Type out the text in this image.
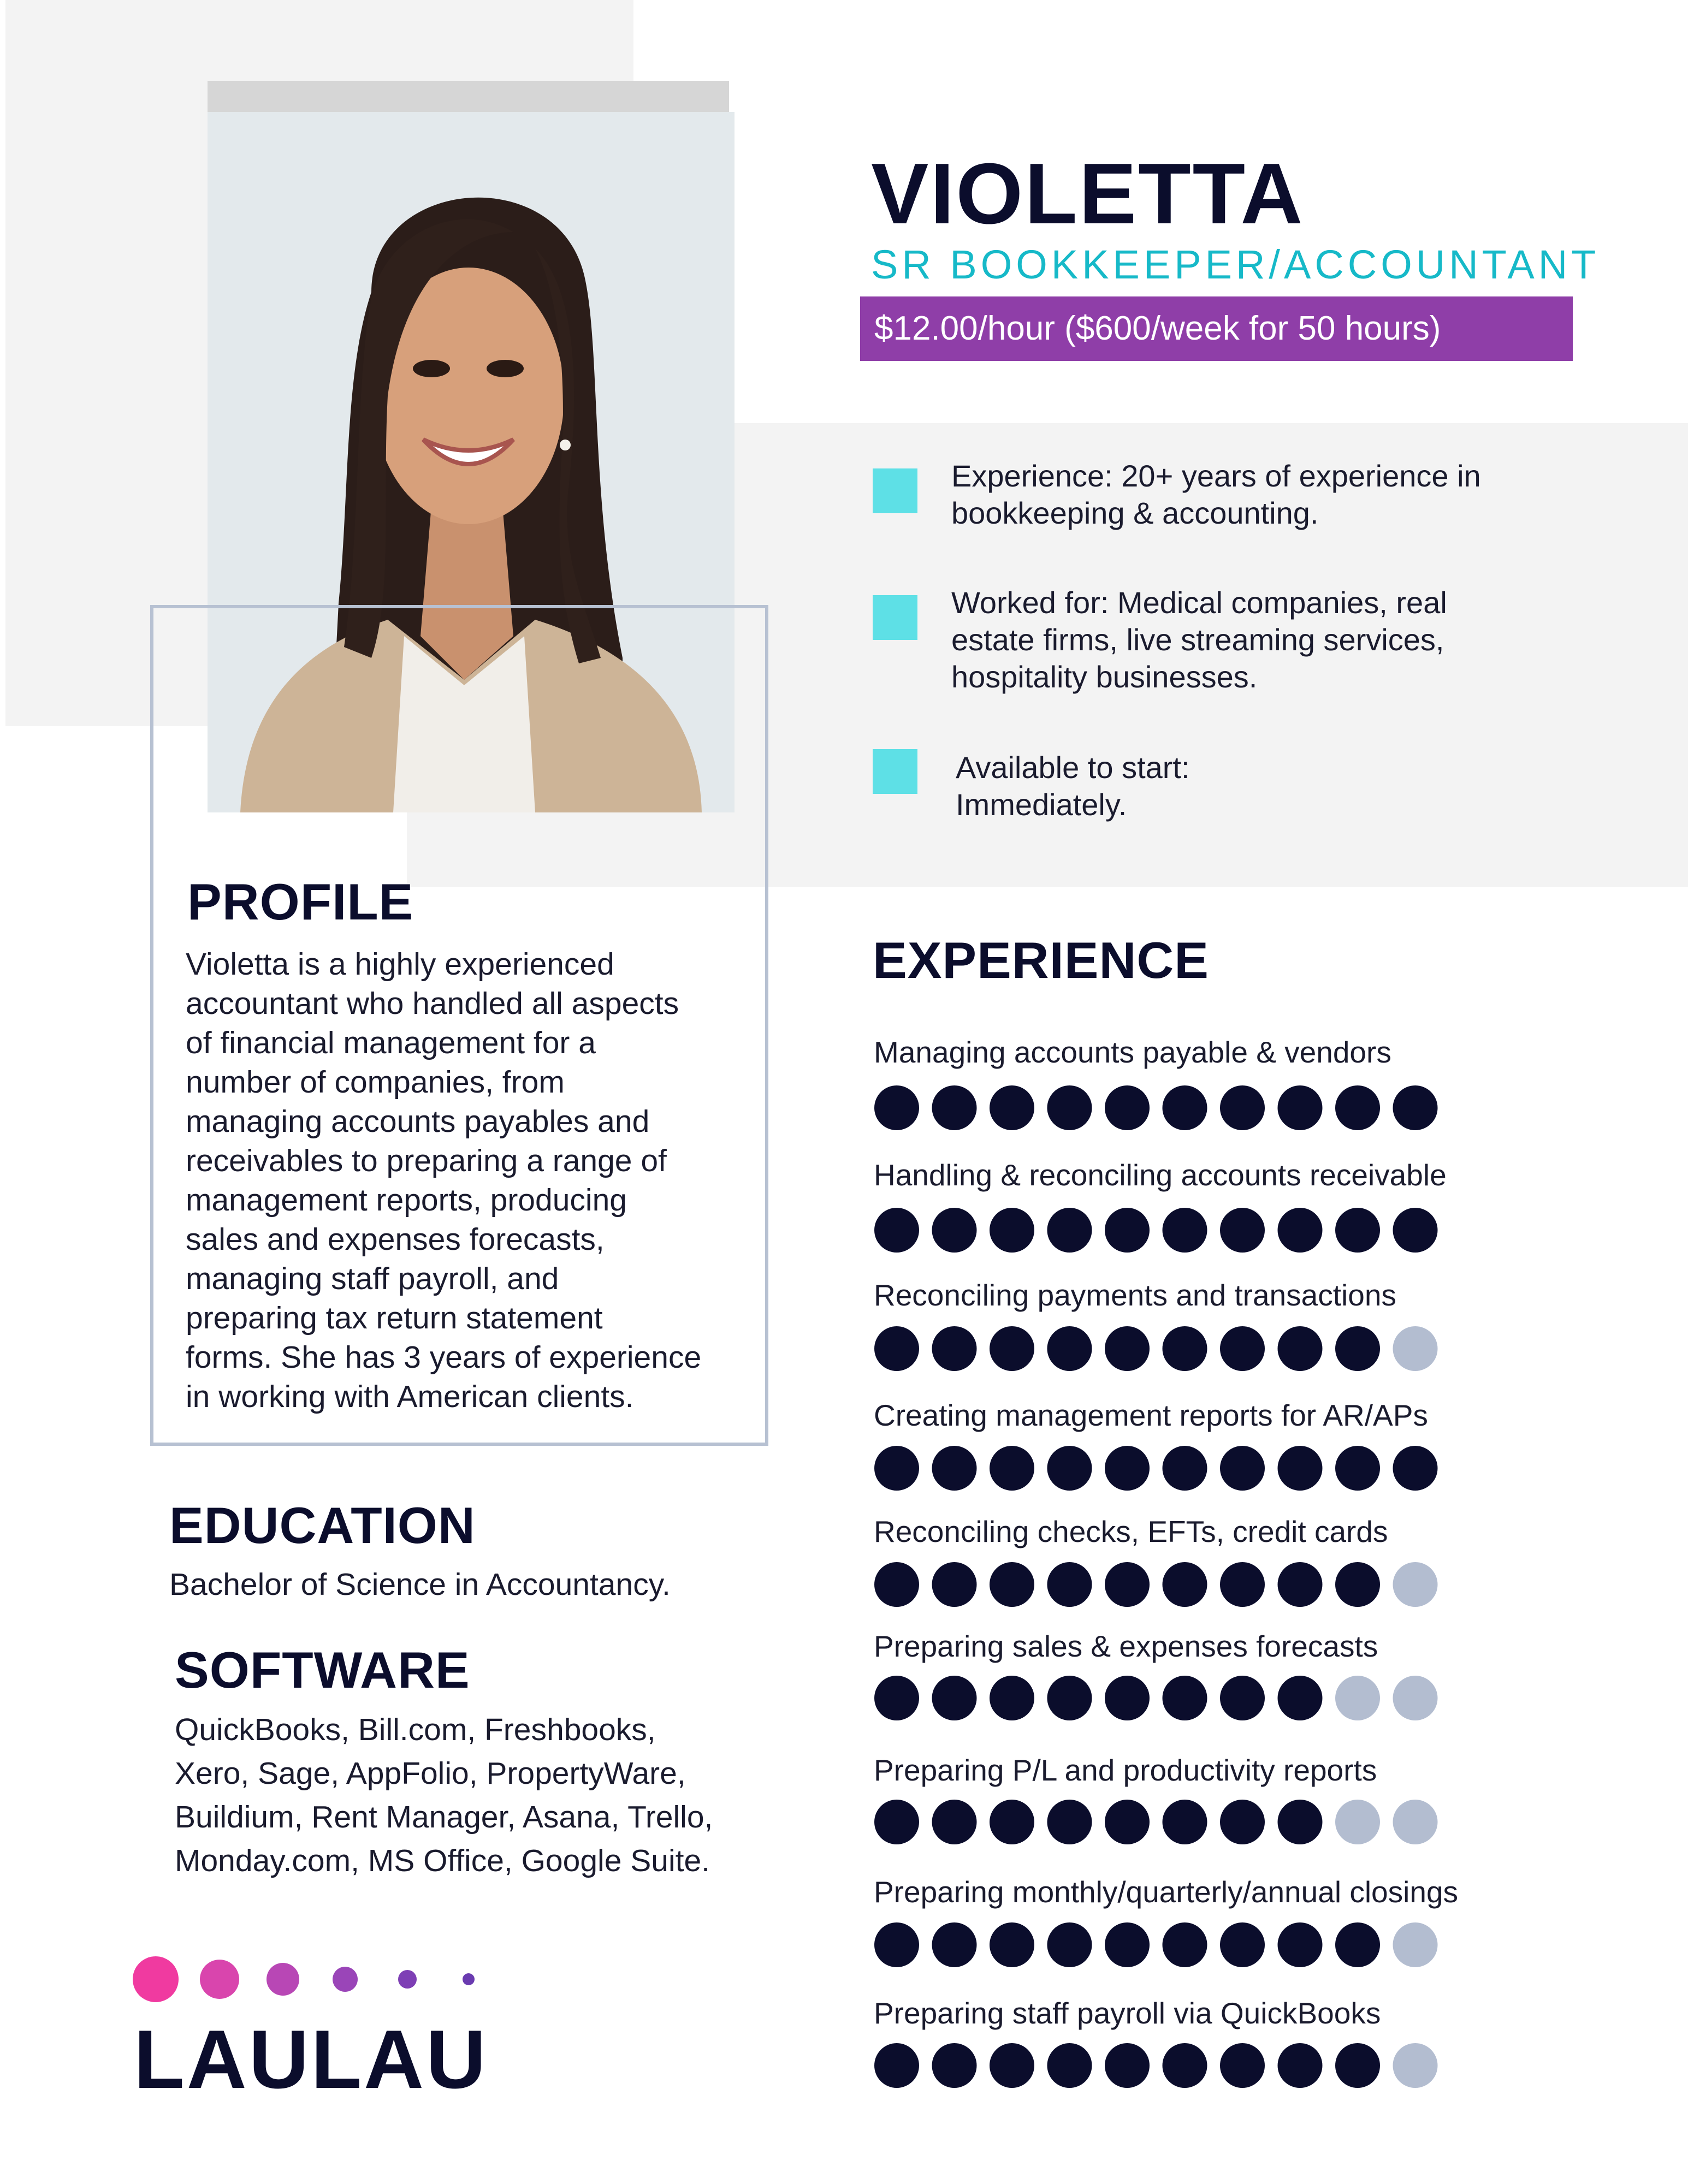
VIOLETTA
SR BOOKKEEPER/ACCOUNTANT
$12.00/hour ($600/week for 50 hours)
Experience: 20+ years of experience in
bookkeeping & accounting.
Worked for: Medical companies, real
estate firms, live streaming services,
hospitality businesses.
Available to start:
Immediately.
PROFILE
Violetta is a highly experienced
accountant who handled all aspects
of financial management for a
number of companies, from
managing accounts payables and
receivables to preparing a range of
management reports, producing
sales and expenses forecasts,
managing staff payroll, and
preparing tax return statement
forms. She has 3 years of experience
in working with American clients.
EDUCATION
Bachelor of Science in Accountancy.
SOFTWARE
QuickBooks, Bill.com, Freshbooks,
Xero, Sage, AppFolio, PropertyWare,
Buildium, Rent Manager, Asana, Trello,
Monday.com, MS Office, Google Suite.
EXPERIENCE
Managing accounts payable & vendors
Handling & reconciling accounts receivable
Reconciling payments and transactions
Creating management reports for AR/APs
Reconciling checks, EFTs, credit cards
Preparing sales & expenses forecasts
Preparing P/L and productivity reports
Preparing monthly/quarterly/annual closings
Preparing staff payroll via QuickBooks
LAULAU
